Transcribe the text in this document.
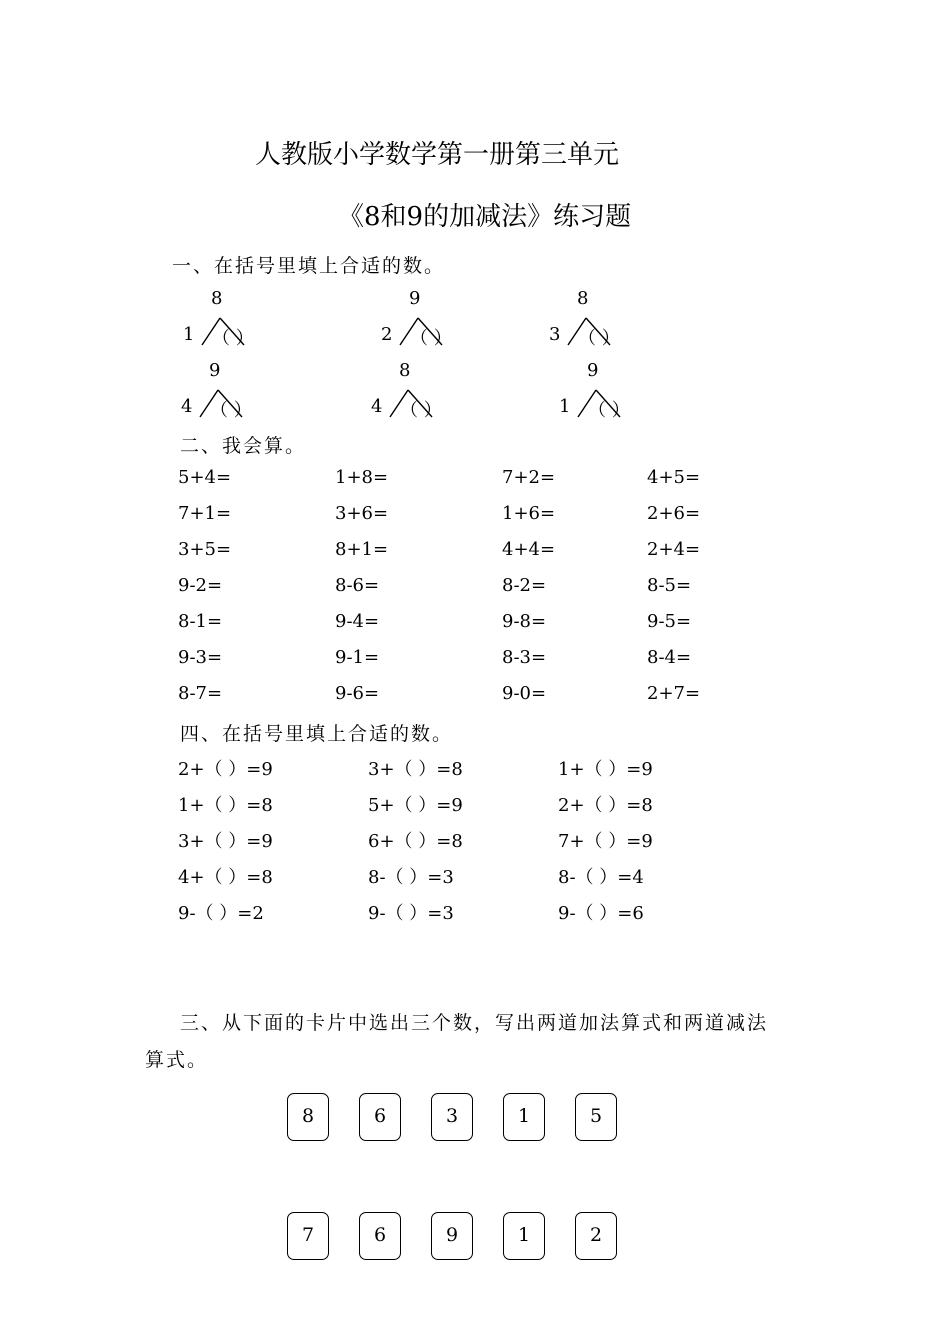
人教版小学数学第一册第三单元
《8和9的加减法》练习题
一、在括号里填上合适的数。
8
1 （ ）
9
2 （ ）
8
3 （ ）
9
4 （ ）
8
4 （ ）
9
1 （ ）
二、我会算。
5+4=	1+8=	7+2=	4+5=
7+1=	3+6=	1+6=	2+6=
3+5=	8+1=	4+4=	2+4=
9-2=	8-6=	8-2=	8-5=
8-1=	9-4=	9-8=	9-5=
9-3=	9-1=	8-3=	8-4=
8-7=	9-6=	9-0=	2+7=
四、在括号里填上合适的数。
2+（ ）=9	3+（ ）=8	1+（ ）=9
1+（ ）=8	5+（ ）=9	2+（ ）=8
3+（ ）=9	6+（ ）=8	7+（ ）=9
4+（ ）=8	8-（ ）=3	8-（ ）=4
9-（ ）=2	9-（ ）=3	9-（ ）=6
三、从下面的卡片中选出三个数，写出两道加法算式和两道减法
算式。
8	6	3	1	5
7	6	9	1	2
